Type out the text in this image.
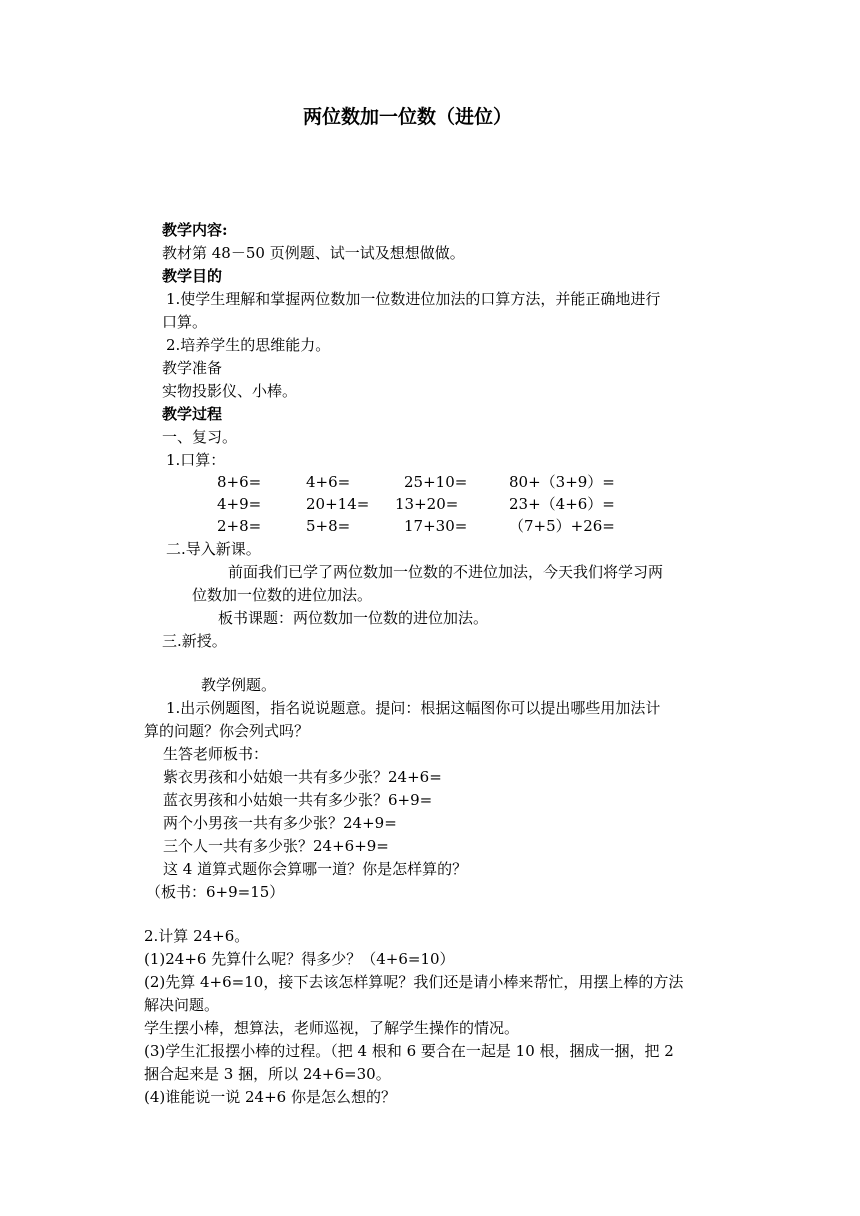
两位数加一位数（进位）
教学内容:
教材第 48－50 页例题、试一试及想想做做。
教学目的
1.使学生理解和掌握两位数加一位数进位加法的口算方法，并能正确地进行
口算。
2.培养学生的思维能力。
教学准备
实物投影仪、小棒。
教学过程
一、复习。
1.口算：
8+6=	4+6=	25+10=	80+（3+9）=
4+9=	20+14= 13+20=	23+（4+6）=
2+8=	5+8=	17+30=	（7+5）+26=
二.导入新课。
前面我们已学了两位数加一位数的不进位加法，今天我们将学习两
位数加一位数的进位加法。
板书课题：两位数加一位数的进位加法。
三.新授。
教学例题。
1.出示例题图，指名说说题意。提问：根据这幅图你可以提出哪些用加法计
算的问题？你会列式吗？
生答老师板书：
紫衣男孩和小姑娘一共有多少张？24+6=
蓝衣男孩和小姑娘一共有多少张？6+9=
两个小男孩一共有多少张？24+9=
三个人一共有多少张？24+6+9=
这 4 道算式题你会算哪一道？你是怎样算的？
（板书：6+9=15）
2.计算 24+6。
(1)24+6 先算什么呢？得多少？（4+6=10）
(2)先算 4+6=10，接下去该怎样算呢？我们还是请小棒来帮忙，用摆上棒的方法
解决问题。
学生摆小棒，想算法，老师巡视，了解学生操作的情况。
(3)学生汇报摆小棒的过程。（把 4 根和 6 要合在一起是 10 根，捆成一捆，把 2
捆合起来是 3 捆，所以 24+6=30。
(4)谁能说一说 24+6 你是怎么想的？
